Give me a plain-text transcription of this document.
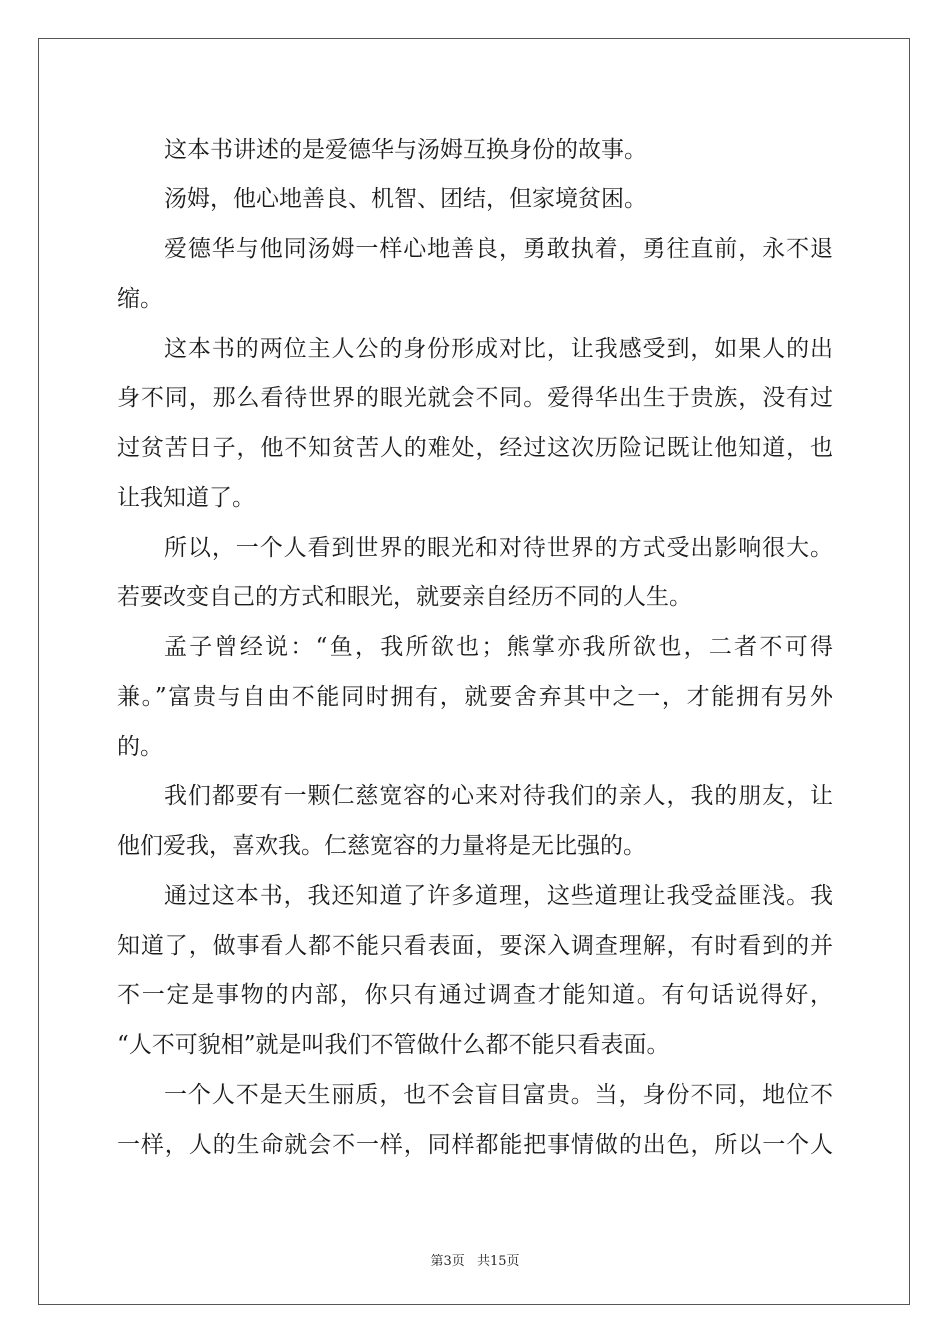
这本书讲述的是爱德华与汤姆互换身份的故事。
汤姆，他心地善良、机智、团结，但家境贫困。
爱德华与他同汤姆一样心地善良，勇敢执着，勇往直前，永不退
缩。
这本书的两位主人公的身份形成对比，让我感受到，如果人的出
身不同，那么看待世界的眼光就会不同。爱得华出生于贵族，没有过
过贫苦日子，他不知贫苦人的难处，经过这次历险记既让他知道，也
让我知道了。
所以，一个人看到世界的眼光和对待世界的方式受出影响很大。
若要改变自己的方式和眼光，就要亲自经历不同的人生。
孟子曾经说：“鱼，我所欲也；熊掌亦我所欲也，二者不可得
兼。”富贵与自由不能同时拥有，就要舍弃其中之一，才能拥有另外
的。
我们都要有一颗仁慈宽容的心来对待我们的亲人，我的朋友，让
他们爱我，喜欢我。仁慈宽容的力量将是无比强的。
通过这本书，我还知道了许多道理，这些道理让我受益匪浅。我
知道了，做事看人都不能只看表面，要深入调查理解，有时看到的并
不一定是事物的内部，你只有通过调查才能知道。有句话说得好，
“人不可貌相”就是叫我们不管做什么都不能只看表面。
一个人不是天生丽质，也不会盲目富贵。当，身份不同，地位不
一样，人的生命就会不一样，同样都能把事情做的出色，所以一个人
第3页 共15页
